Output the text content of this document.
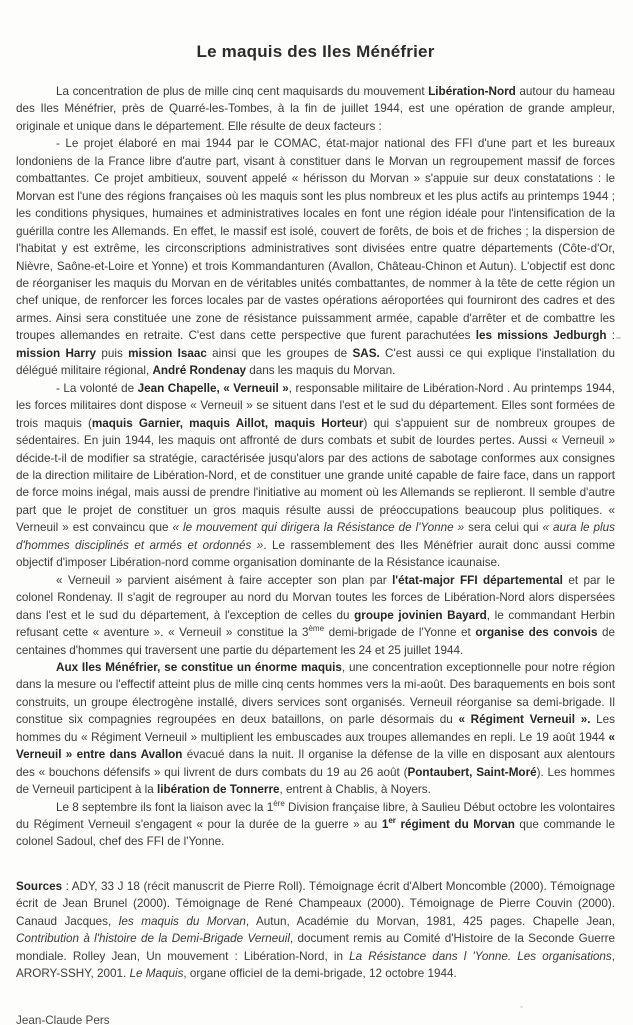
Le maquis des Iles Ménéfrier

La concentration de plus de mille cinq cent maquisards du mouvement Libération-Nord autour du hameau des Iles Ménéfrier, près de Quarré-les-Tombes, à la fin de juillet 1944, est une opération de grande ampleur, originale et unique dans le département. Elle résulte de deux facteurs :

- Le projet élaboré en mai 1944 par le COMAC, état-major national des FFI d'une part et les bureaux londoniens de la France libre d'autre part, visant à constituer dans le Morvan un regroupement massif de forces combattantes. Ce projet ambitieux, souvent appelé « hérisson du Morvan » s'appuie sur deux constatations : le Morvan est l'une des régions françaises où les maquis sont les plus nombreux et les plus actifs au printemps 1944 ; les conditions physiques, humaines et administratives locales en font une région idéale pour l'intensification de la guérilla contre les Allemands. En effet, le massif est isolé, couvert de forêts, de bois et de friches ; la dispersion de l'habitat y est extrême, les circonscriptions administratives sont divisées entre quatre départements (Côte-d'Or, Nièvre, Saône-et-Loire et Yonne) et trois Kommandanturen (Avallon, Château-Chinon et Autun). L'objectif est donc de réorganiser les maquis du Morvan en de véritables unités combattantes, de nommer à la tête de cette région un chef unique, de renforcer les forces locales par de vastes opérations aéroportées qui fourniront des cadres et des armes. Ainsi sera constituée une zone de résistance puissamment armée, capable d'arrêter et de combattre les troupes allemandes en retraite. C'est dans cette perspective que furent parachutées les missions Jedburgh : mission Harry puis mission Isaac ainsi que les groupes de SAS. C'est aussi ce qui explique l'installation du délégué militaire régional, André Rondenay dans les maquis du Morvan.

- La volonté de Jean Chapelle, « Verneuil », responsable militaire de Libération-Nord . Au printemps 1944, les forces militaires dont dispose « Verneuil » se situent dans l'est et le sud du département. Elles sont formées de trois maquis (maquis Garnier, maquis Aillot, maquis Horteur) qui s'appuient sur de nombreux groupes de sédentaires. En juin 1944, les maquis ont affronté de durs combats et subit de lourdes pertes. Aussi « Verneuil » décide-t-il de modifier sa stratégie, caractérisée jusqu'alors par des actions de sabotage conformes aux consignes de la direction militaire de Libération-Nord, et de constituer une grande unité capable de faire face, dans un rapport de force moins inégal, mais aussi de prendre l'initiative au moment où les Allemands se replieront. Il semble d'autre part que le projet de constituer un gros maquis résulte aussi de préoccupations beaucoup plus politiques. « Verneuil » est convaincu que « le mouvement qui dirigera la Résistance de l'Yonne » sera celui qui « aura le plus d'hommes disciplinés et armés et ordonnés ». Le rassemblement des Iles Ménéfrier aurait donc aussi comme objectif d'imposer Libération-nord comme organisation dominante de la Résistance icaunaise.

« Verneuil » parvient aisément à faire accepter son plan par l'état-major FFI départemental et par le colonel Rondenay. Il s'agit de regrouper au nord du Morvan toutes les forces de Libération-Nord alors dispersées dans l'est et le sud du département, à l'exception de celles du groupe jovinien Bayard, le commandant Herbin refusant cette « aventure ». « Verneuil » constitue la 3ème demi-brigade de l'Yonne et organise des convois de centaines d'hommes qui traversent une partie du département les 24 et 25 juillet 1944.

Aux Iles Ménéfrier, se constitue un énorme maquis, une concentration exceptionnelle pour notre région dans la mesure ou l'effectif atteint plus de mille cinq cents hommes vers la mi-août. Des baraquements en bois sont construits, un groupe électrogène installé, divers services sont organisés. Verneuil réorganise sa demi-brigade. Il constitue six compagnies regroupées en deux bataillons, on parle désormais du « Régiment Verneuil ». Les hommes du « Régiment Verneuil » multiplient les embuscades aux troupes allemandes en repli. Le 19 août 1944 « Verneuil » entre dans Avallon évacué dans la nuit. Il organise la défense de la ville en disposant aux alentours des « bouchons défensifs » qui livrent de durs combats du 19 au 26 août (Pontaubert, Saint-Moré). Les hommes de Verneuil participent à la libération de Tonnerre, entrent à Chablis, à Noyers.

Le 8 septembre ils font la liaison avec la 1ère Division française libre, à Saulieu Début octobre les volontaires du Régiment Verneuil s'engagent « pour la durée de la guerre » au 1er régiment du Morvan que commande le colonel Sadoul, chef des FFI de l'Yonne.

Sources : ADY, 33 J 18 (récit manuscrit de Pierre Roll). Témoignage écrit d'Albert Moncomble (2000). Témoignage écrit de Jean Brunel (2000). Témoignage de René Champeaux (2000). Témoignage de Pierre Couvin (2000). Canaud Jacques, les maquis du Morvan, Autun, Académie du Morvan, 1981, 425 pages. Chapelle Jean, Contribution à l'histoire de la Demi-Brigade Verneuil, document remis au Comité d'Histoire de la Seconde Guerre mondiale. Rolley Jean, Un mouvement : Libération-Nord, in La Résistance dans l 'Yonne. Les organisations, ARORY-SSHY, 2001. Le Maquis, organe officiel de la demi-brigade, 12 octobre 1944.

Jean-Claude Pers
